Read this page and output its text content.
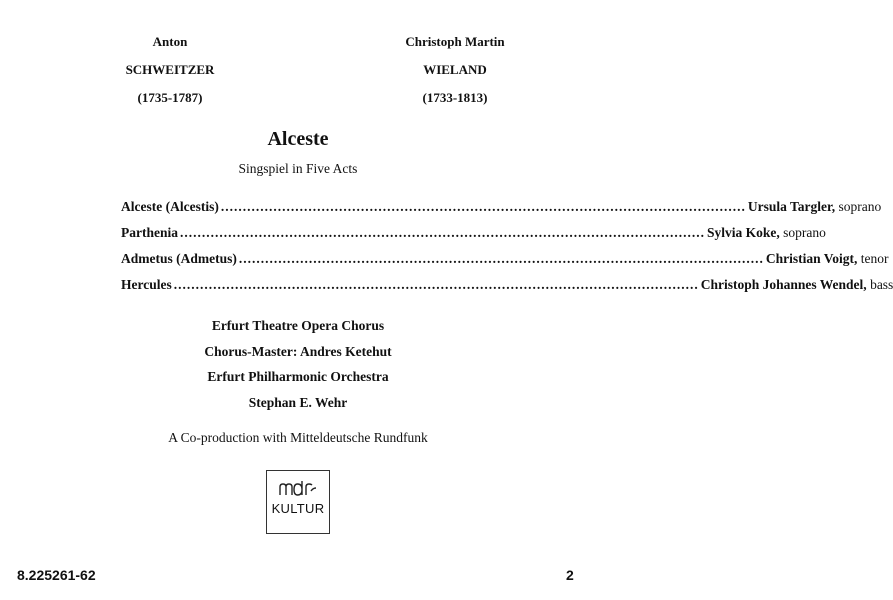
Anton
SCHWEITZER
(1735-1787)
Christoph Martin
WIELAND
(1733-1813)
Alceste
Singspiel in Five Acts
Alceste (Alcestis) ........................................................................................................................ Ursula Targler,
soprano
Parthenia ........................................................................................................................ Sylvia Koke,
soprano
Admetus (Admetus) ........................................................................................................................ Christian Voigt,
tenor
Hercules ........................................................................................................................ Christoph Johannes Wendel,
bass
Erfurt Theatre Opera Chorus
Chorus-Master: Andres Ketehut
Erfurt Philharmonic Orchestra
Stephan E. Wehr
A Co-production with Mitteldeutsche Rundfunk
KULTUR
8.225261-62	2
